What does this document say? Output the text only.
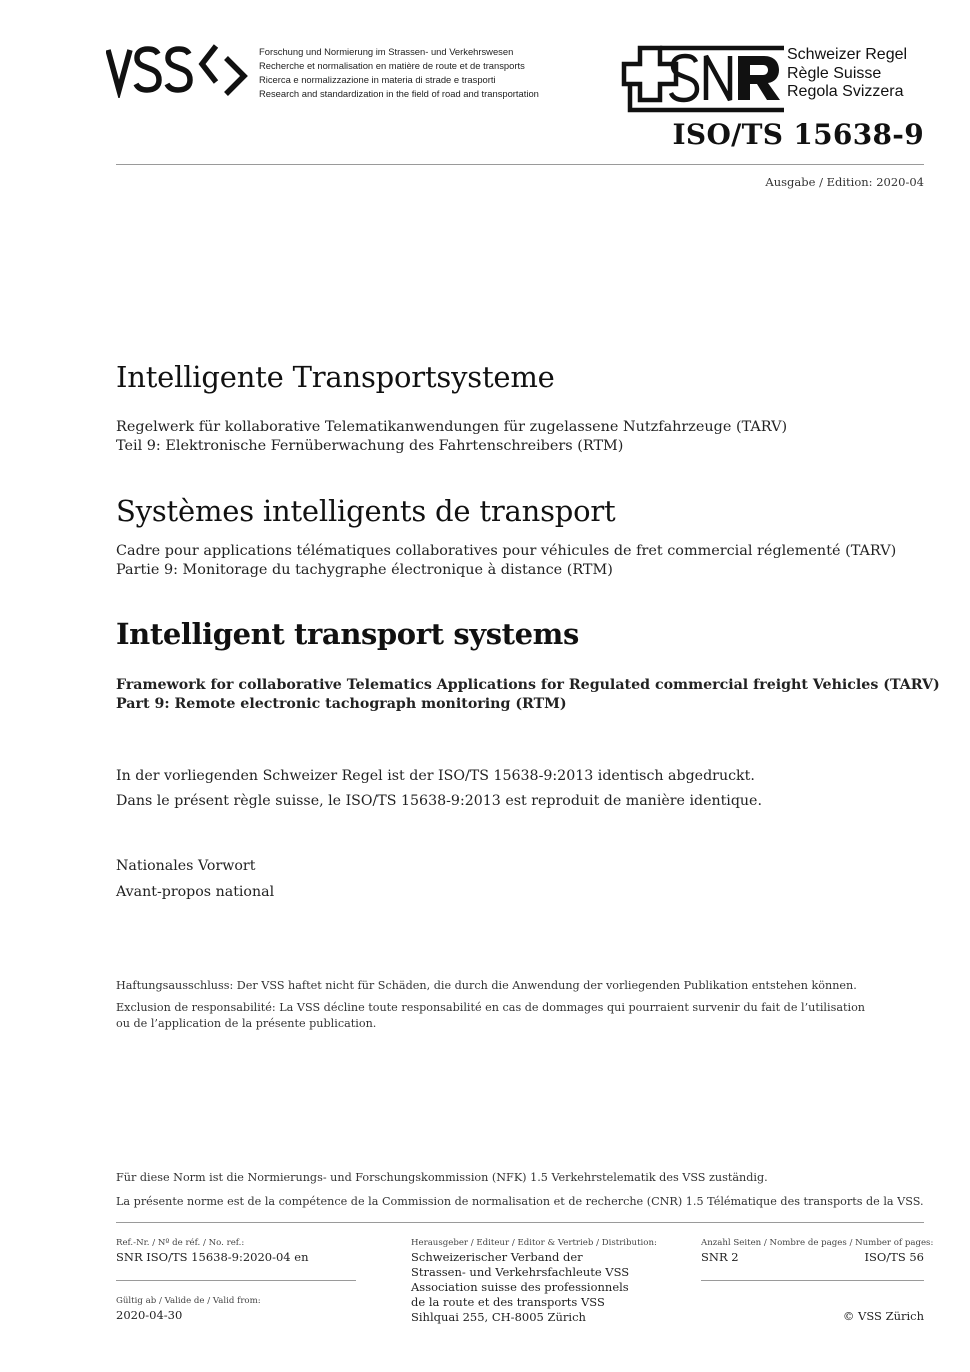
Forschung und Normierung im Strassen- und Verkehrswesen
Recherche et normalisation en matière de route et de transports
Ricerca e normalizzazione in materia di strade e trasporti
Research and standardization in the field of road and transportation
Schweizer Regel
Règle Suisse
Regola Svizzera
ISO/TS 15638-9
Ausgabe / Edition: 2020-04
Intelligente Transportsysteme
Regelwerk für kollaborative Telematikanwendungen für zugelassene Nutzfahrzeuge (TARV)
Teil 9: Elektronische Fernüberwachung des Fahrtenschreibers (RTM)
Systèmes intelligents de transport
Cadre pour applications télématiques collaboratives pour véhicules de fret commercial réglementé (TARV)
Partie 9: Monitorage du tachygraphe électronique à distance (RTM)
Intelligent transport systems
Framework for collaborative Telematics Applications for Regulated commercial freight Vehicles (TARV)
Part 9: Remote electronic tachograph monitoring (RTM)
In der vorliegenden Schweizer Regel ist der ISO/TS 15638-9:2013 identisch abgedruckt.
Dans le présent règle suisse, le ISO/TS 15638-9:2013 est reproduit de manière identique.
Nationales Vorwort
Avant-propos national
Haftungsausschluss: Der VSS haftet nicht für Schäden, die durch die Anwendung der vorliegenden Publikation entstehen können.
Exclusion de responsabilité: La VSS décline toute responsabilité en cas de dommages qui pourraient survenir du fait de l’utilisation
ou de l’application de la présente publication.
Für diese Norm ist die Normierungs- und Forschungskommission (NFK) 1.5 Verkehrstelematik des VSS zuständig.
La présente norme est de la compétence de la Commission de normalisation et de recherche (CNR) 1.5 Télématique des transports de la VSS.
Ref.-Nr. / Nº de réf. / No. ref.:
SNR ISO/TS 15638-9:2020-04 en
Gültig ab / Valide de / Valid from:
2020-04-30
Herausgeber / Editeur / Editor & Vertrieb / Distribution:
Schweizerischer Verband der
Strassen- und Verkehrsfachleute VSS
Association suisse des professionnels
de la route et des transports VSS
Sihlquai 255, CH-8005 Zürich
Anzahl Seiten / Nombre de pages / Number of pages:
SNR 2	ISO/TS 56
© VSS Zürich
